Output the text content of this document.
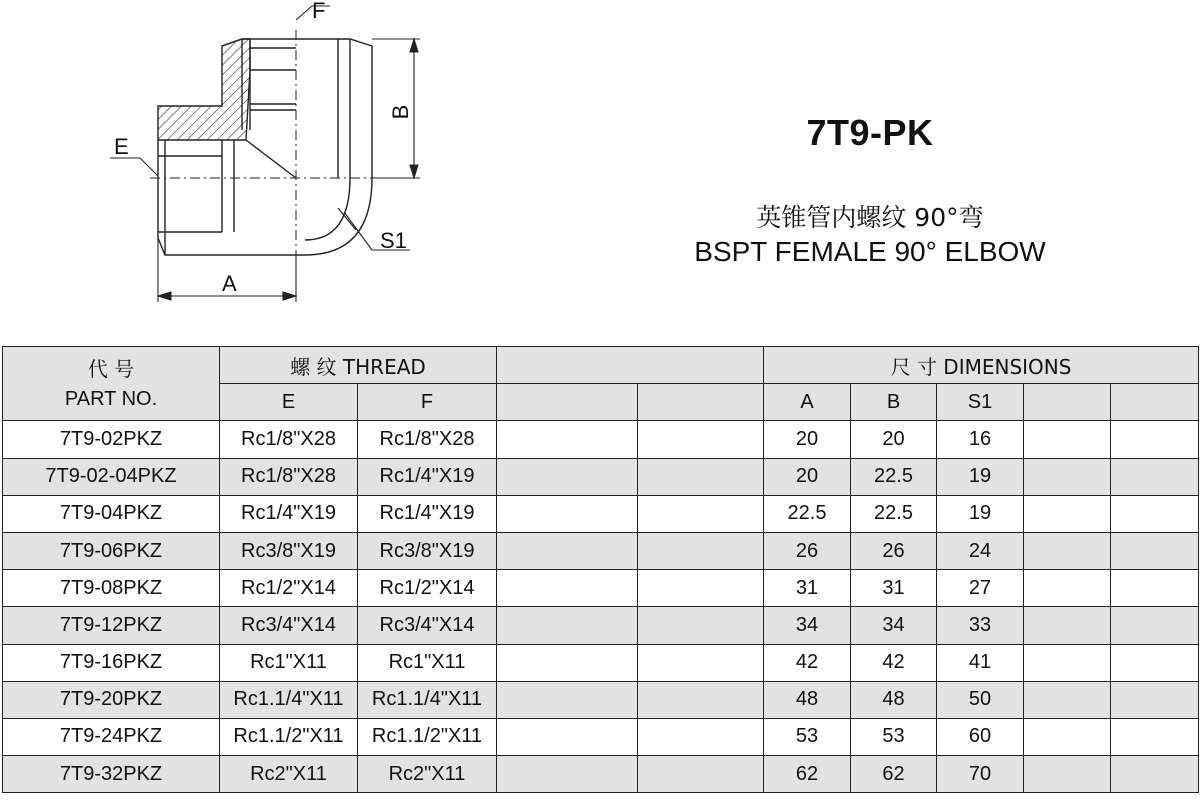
F
E
B
A
S1
7T9-PK
英锥管内螺纹 90°弯
BSPT FEMALE 90° ELBOW
代 号
PART NO.	螺 纹 THREAD				尺 寸 DIMENSIONS				
	E	F			A	B	S1		
7T9-02PKZ	Rc1/8"X28	Rc1/8"X28			20	20	16		
7T9-02-04PKZ	Rc1/8"X28	Rc1/4"X19			20	22.5	19		
7T9-04PKZ	Rc1/4"X19	Rc1/4"X19			22.5	22.5	19		
7T9-06PKZ	Rc3/8"X19	Rc3/8"X19			26	26	24		
7T9-08PKZ	Rc1/2"X14	Rc1/2"X14			31	31	27		
7T9-12PKZ	Rc3/4"X14	Rc3/4"X14			34	34	33		
7T9-16PKZ	Rc1"X11	Rc1"X11			42	42	41		
7T9-20PKZ	Rc1.1/4"X11	Rc1.1/4"X11			48	48	50		
7T9-24PKZ	Rc1.1/2"X11	Rc1.1/2"X11			53	53	60		
7T9-32PKZ	Rc2"X11	Rc2"X11			62	62	70		
